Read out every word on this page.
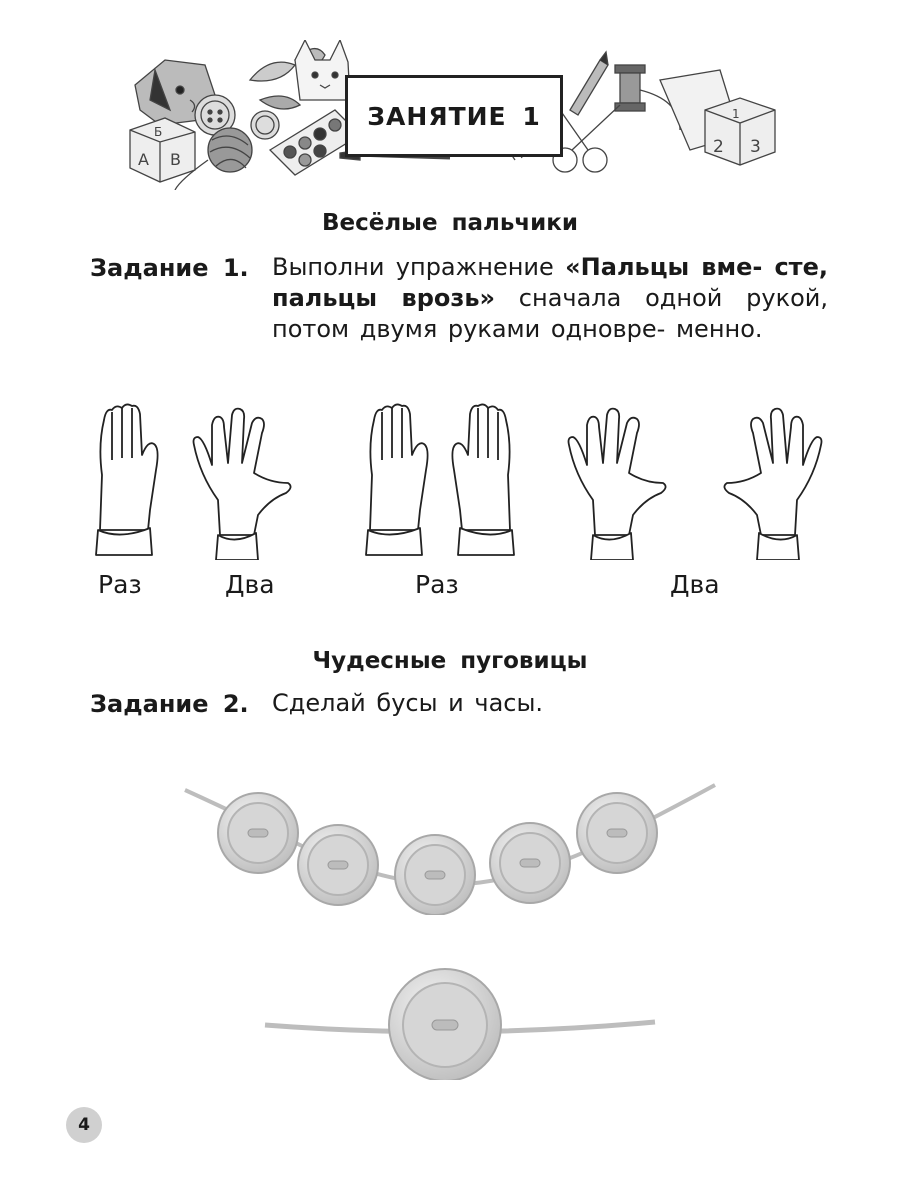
A B
Б
2 3
1
ЗАНЯТИЕ 1
Весёлые пальчики
Задание 1. Выполни упражнение «Пальцы вме- сте, пальцы врозь» сначала одной рукой, потом двумя руками одновре- менно.
Раз	Два	Раз	Два
Чудесные пуговицы
Задание 2. Сделай бусы и часы.
4
